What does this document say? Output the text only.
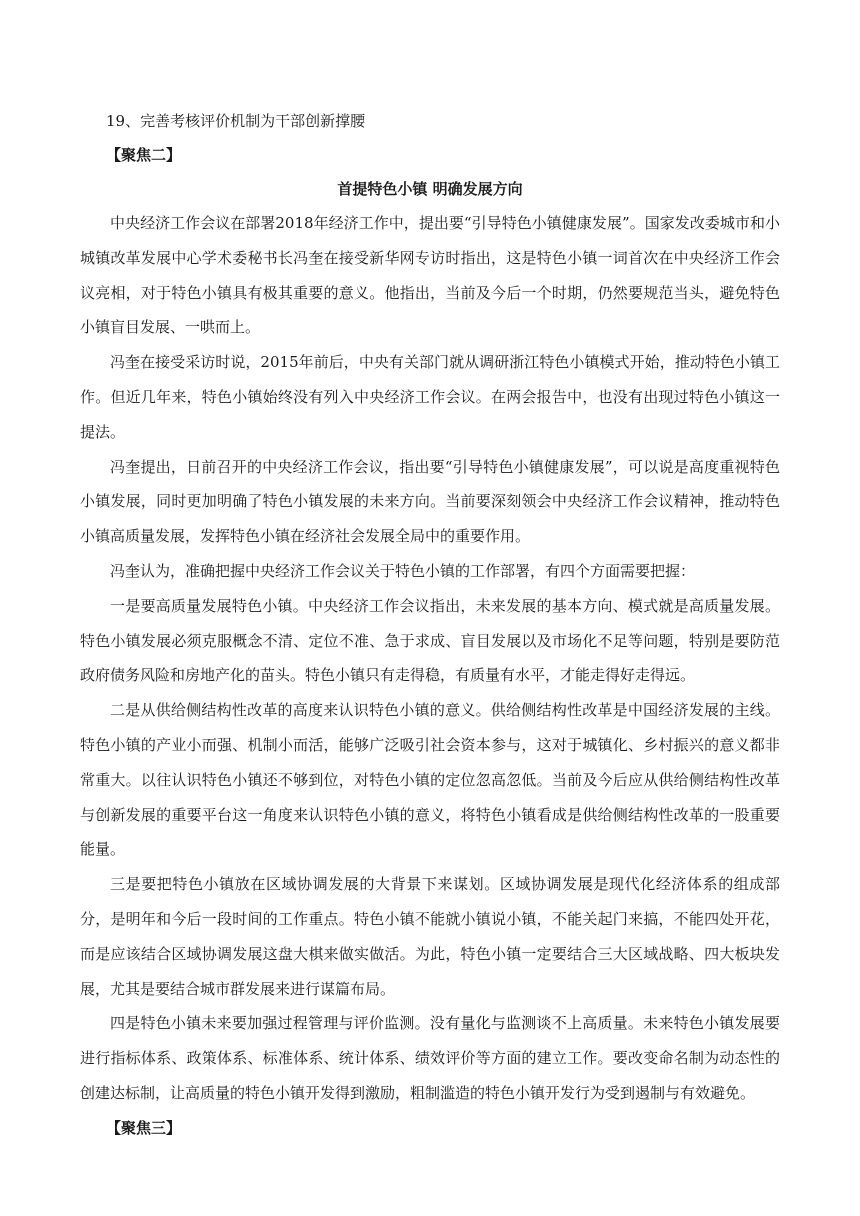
19、完善考核评价机制为干部创新撑腰

【聚焦二】

首提特色小镇 明确发展方向

中央经济工作会议在部署2018年经济工作中，提出要“引导特色小镇健康发展”。国家发改委城市和小城镇改革发展中心学术委秘书长冯奎在接受新华网专访时指出，这是特色小镇一词首次在中央经济工作会议亮相，对于特色小镇具有极其重要的意义。他指出，当前及今后一个时期，仍然要规范当头，避免特色小镇盲目发展、一哄而上。

冯奎在接受采访时说，2015年前后，中央有关部门就从调研浙江特色小镇模式开始，推动特色小镇工作。但近几年来，特色小镇始终没有列入中央经济工作会议。在两会报告中，也没有出现过特色小镇这一提法。

冯奎提出，日前召开的中央经济工作会议，指出要“引导特色小镇健康发展”，可以说是高度重视特色小镇发展，同时更加明确了特色小镇发展的未来方向。当前要深刻领会中央经济工作会议精神，推动特色小镇高质量发展，发挥特色小镇在经济社会发展全局中的重要作用。

冯奎认为，准确把握中央经济工作会议关于特色小镇的工作部署，有四个方面需要把握：

一是要高质量发展特色小镇。中央经济工作会议指出，未来发展的基本方向、模式就是高质量发展。特色小镇发展必须克服概念不清、定位不准、急于求成、盲目发展以及市场化不足等问题，特别是要防范政府债务风险和房地产化的苗头。特色小镇只有走得稳，有质量有水平，才能走得好走得远。

二是从供给侧结构性改革的高度来认识特色小镇的意义。供给侧结构性改革是中国经济发展的主线。特色小镇的产业小而强、机制小而活，能够广泛吸引社会资本参与，这对于城镇化、乡村振兴的意义都非常重大。以往认识特色小镇还不够到位，对特色小镇的定位忽高忽低。当前及今后应从供给侧结构性改革与创新发展的重要平台这一角度来认识特色小镇的意义，将特色小镇看成是供给侧结构性改革的一股重要能量。

三是要把特色小镇放在区域协调发展的大背景下来谋划。区域协调发展是现代化经济体系的组成部分，是明年和今后一段时间的工作重点。特色小镇不能就小镇说小镇，不能关起门来搞，不能四处开花，而是应该结合区域协调发展这盘大棋来做实做活。为此，特色小镇一定要结合三大区域战略、四大板块发展，尤其是要结合城市群发展来进行谋篇布局。

四是特色小镇未来要加强过程管理与评价监测。没有量化与监测谈不上高质量。未来特色小镇发展要进行指标体系、政策体系、标准体系、统计体系、绩效评价等方面的建立工作。要改变命名制为动态性的创建达标制，让高质量的特色小镇开发得到激励，粗制滥造的特色小镇开发行为受到遏制与有效避免。

【聚焦三】
